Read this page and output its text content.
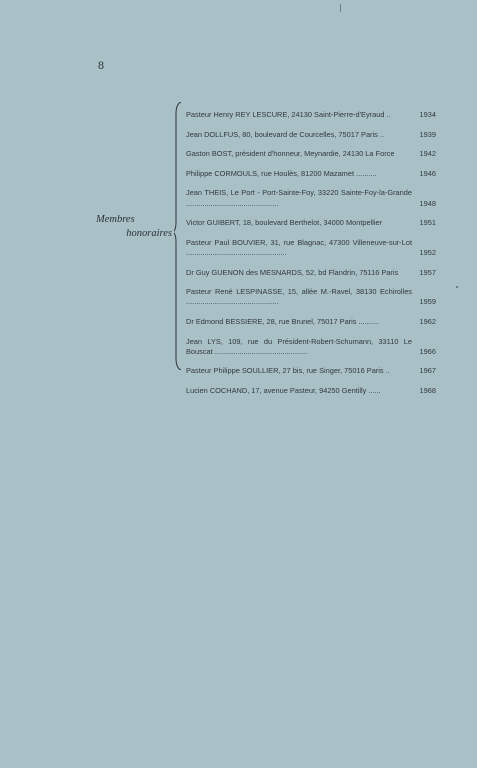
8
Membres
honoraires
Pasteur Henry REY LESCURE, 24130 Saint-Pierre-d'Eyraud ..	1934
Jean DOLLFUS, 80, boulevard de Courcelles, 75017 Paris ..	1939
Gaston BOST, président d'honneur, Meynardie, 24130 La Force	1942
Philippe CORMOULS, rue Houlès, 81200 Mazamet ..........	1946
Jean THEIS, Le Port - Port-Sainte-Foy, 33220 Sainte-Foy-la-Grande .............................................	1948
Victor GUIBERT, 18, boulevard Berthelot, 34000 Montpellier	1951
Pasteur Paul BOUVIER, 31, rue Blagnac, 47300 Villeneuve-sur-Lot .................................................	1952
Dr Guy GUENON des MESNARDS, 52, bd Flandrin, 75116 Paris	1957
Pasteur René LESPINASSE, 15, allée M.-Ravel, 38130 Echirolles .............................................	1959
Dr Edmond BESSIERE, 28, rue Brunel, 75017 Paris ..........	1962
Jean LYS, 109, rue du Président-Robert-Schumann, 33110 Le Bouscat .............................................	1966
Pasteur Philippe SOULLIER, 27 bis, rue Singer, 75016 Paris ..	1967
Lucien COCHAND, 17, avenue Pasteur, 94250 Gentilly ......	1968
